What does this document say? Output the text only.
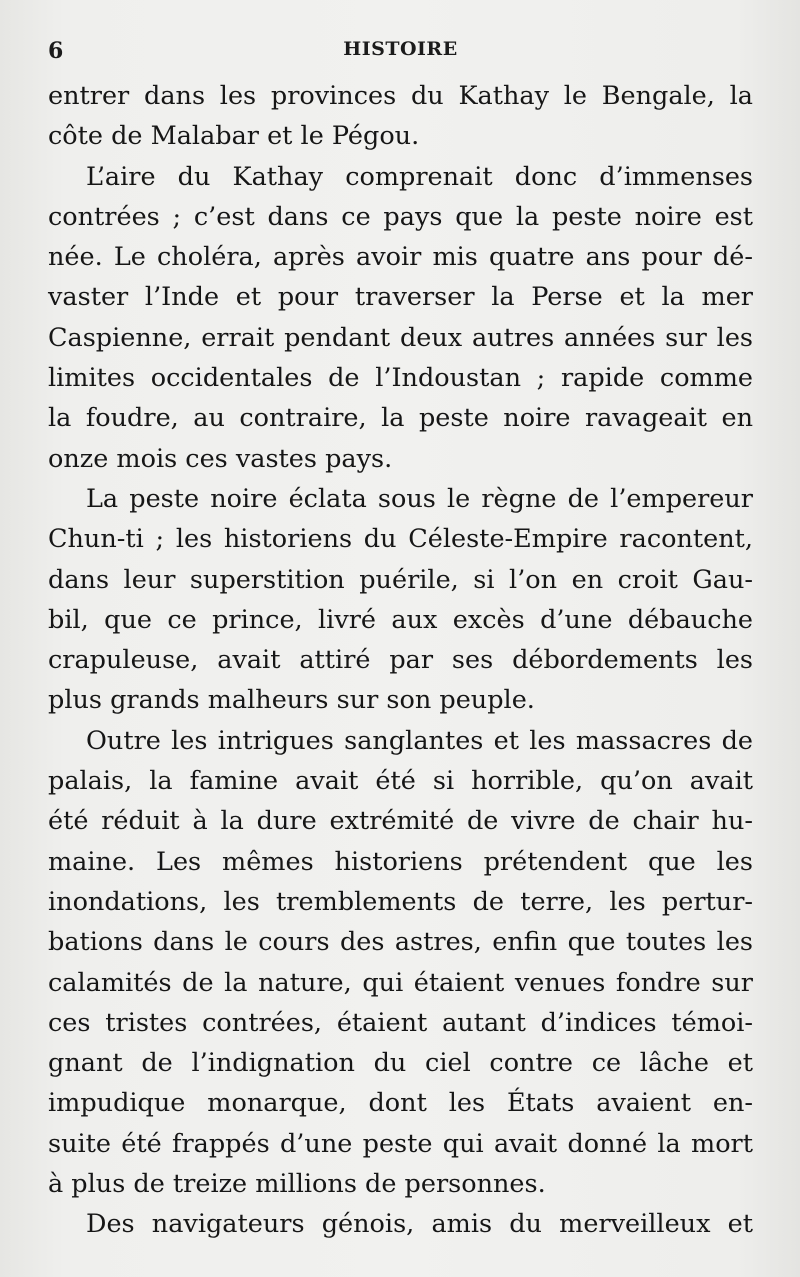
6	HISTOIRE
entrer dans les provinces du Kathay le Bengale, la
côte de Malabar et le Pégou.
L’aire du Kathay comprenait donc d’immenses
contrées ; c’est dans ce pays que la peste noire est
née. Le choléra, après avoir mis quatre ans pour dé-
vaster l’Inde et pour traverser la Perse et la mer
Caspienne, errait pendant deux autres années sur les
limites occidentales de l’Indoustan ; rapide comme
la foudre, au contraire, la peste noire ravageait en
onze mois ces vastes pays.
La peste noire éclata sous le règne de l’empereur
Chun-ti ; les historiens du Céleste-Empire racontent,
dans leur superstition puérile, si l’on en croit Gau-
bil, que ce prince, livré aux excès d’une débauche
crapuleuse, avait attiré par ses débordements les
plus grands malheurs sur son peuple.
Outre les intrigues sanglantes et les massacres de
palais, la famine avait été si horrible, qu’on avait
été réduit à la dure extrémité de vivre de chair hu-
maine. Les mêmes historiens prétendent que les
inondations, les tremblements de terre, les pertur-
bations dans le cours des astres, enfin que toutes les
calamités de la nature, qui étaient venues fondre sur
ces tristes contrées, étaient autant d’indices témoi-
gnant de l’indignation du ciel contre ce lâche et
impudique monarque, dont les États avaient en-
suite été frappés d’une peste qui avait donné la mort
à plus de treize millions de personnes.
Des navigateurs génois, amis du merveilleux et
